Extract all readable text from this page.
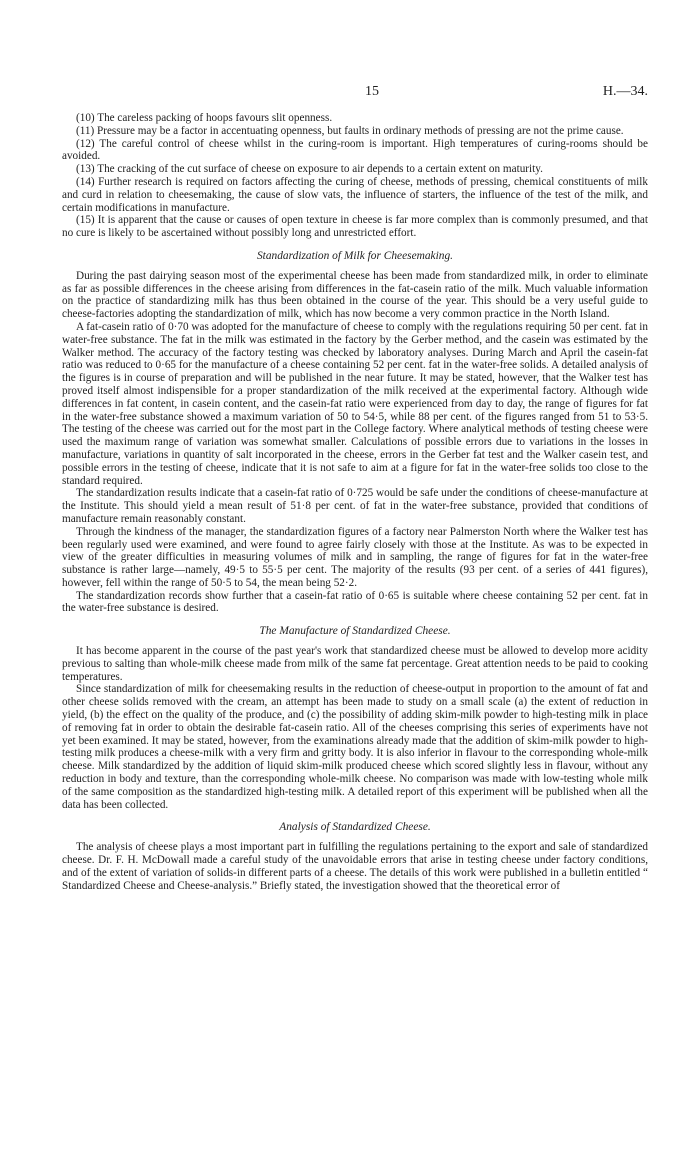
15	H.—34.

(10) The careless packing of hoops favours slit openness.

(11) Pressure may be a factor in accentuating openness, but faults in ordinary methods of pressing are not the prime cause.

(12) The careful control of cheese whilst in the curing-room is important. High temperatures of curing-rooms should be avoided.

(13) The cracking of the cut surface of cheese on exposure to air depends to a certain extent on maturity.

(14) Further research is required on factors affecting the curing of cheese, methods of pressing, chemical constituents of milk and curd in relation to cheesemaking, the cause of slow vats, the influence of starters, the influence of the test of the milk, and certain modifications in manufacture.

(15) It is apparent that the cause or causes of open texture in cheese is far more complex than is commonly presumed, and that no cure is likely to be ascertained without possibly long and unrestricted effort.

Standardization of Milk for Cheesemaking.

During the past dairying season most of the experimental cheese has been made from standardized milk, in order to eliminate as far as possible differences in the cheese arising from differences in the fat-casein ratio of the milk. Much valuable information on the practice of standardizing milk has thus been obtained in the course of the year. This should be a very useful guide to cheese-factories adopting the standardization of milk, which has now become a very common practice in the North Island.

A fat-casein ratio of 0·70 was adopted for the manufacture of cheese to comply with the regulations requiring 50 per cent. fat in water-free substance. The fat in the milk was estimated in the factory by the Gerber method, and the casein was estimated by the Walker method. The accuracy of the factory testing was checked by laboratory analyses. During March and April the casein-fat ratio was reduced to 0·65 for the manufacture of a cheese containing 52 per cent. fat in the water-free solids. A detailed analysis of the figures is in course of preparation and will be published in the near future. It may be stated, however, that the Walker test has proved itself almost indispensible for a proper standardization of the milk received at the experimental factory. Although wide differences in fat content, in casein content, and the casein-fat ratio were experienced from day to day, the range of figures for fat in the water-free substance showed a maximum variation of 50 to 54·5, while 88 per cent. of the figures ranged from 51 to 53·5. The testing of the cheese was carried out for the most part in the College factory. Where analytical methods of testing cheese were used the maximum range of variation was somewhat smaller. Calculations of possible errors due to variations in the losses in manufacture, variations in quantity of salt incorporated in the cheese, errors in the Gerber fat test and the Walker casein test, and possible errors in the testing of cheese, indicate that it is not safe to aim at a figure for fat in the water-free solids too close to the standard required.

The standardization results indicate that a casein-fat ratio of 0·725 would be safe under the conditions of cheese-manufacture at the Institute. This should yield a mean result of 51·8 per cent. of fat in the water-free substance, provided that conditions of manufacture remain reasonably constant.

Through the kindness of the manager, the standardization figures of a factory near Palmerston North where the Walker test has been regularly used were examined, and were found to agree fairly closely with those at the Institute. As was to be expected in view of the greater difficulties in measuring volumes of milk and in sampling, the range of figures for fat in the water-free substance is rather large—namely, 49·5 to 55·5 per cent. The majority of the results (93 per cent. of a series of 441 figures), however, fell within the range of 50·5 to 54, the mean being 52·2.

The standardization records show further that a casein-fat ratio of 0·65 is suitable where cheese containing 52 per cent. fat in the water-free substance is desired.

The Manufacture of Standardized Cheese.

It has become apparent in the course of the past year's work that standardized cheese must be allowed to develop more acidity previous to salting than whole-milk cheese made from milk of the same fat percentage. Great attention needs to be paid to cooking temperatures.

Since standardization of milk for cheesemaking results in the reduction of cheese-output in proportion to the amount of fat and other cheese solids removed with the cream, an attempt has been made to study on a small scale (a) the extent of reduction in yield, (b) the effect on the quality of the produce, and (c) the possibility of adding skim-milk powder to high-testing milk in place of removing fat in order to obtain the desirable fat-casein ratio. All of the cheeses comprising this series of experiments have not yet been examined. It may be stated, however, from the examinations already made that the addition of skim-milk powder to high-testing milk produces a cheese-milk with a very firm and gritty body. It is also inferior in flavour to the corresponding whole-milk cheese. Milk standardized by the addition of liquid skim-milk produced cheese which scored slightly less in flavour, without any reduction in body and texture, than the corresponding whole-milk cheese. No comparison was made with low-testing whole milk of the same composition as the standardized high-testing milk. A detailed report of this experiment will be published when all the data has been collected.

Analysis of Standardized Cheese.

The analysis of cheese plays a most important part in fulfilling the regulations pertaining to the export and sale of standardized cheese. Dr. F. H. McDowall made a careful study of the unavoidable errors that arise in testing cheese under factory conditions, and of the extent of variation of solids-in different parts of a cheese. The details of this work were published in a bulletin entitled “ Standardized Cheese and Cheese-analysis.” Briefly stated, the investigation showed that the theoretical error of
